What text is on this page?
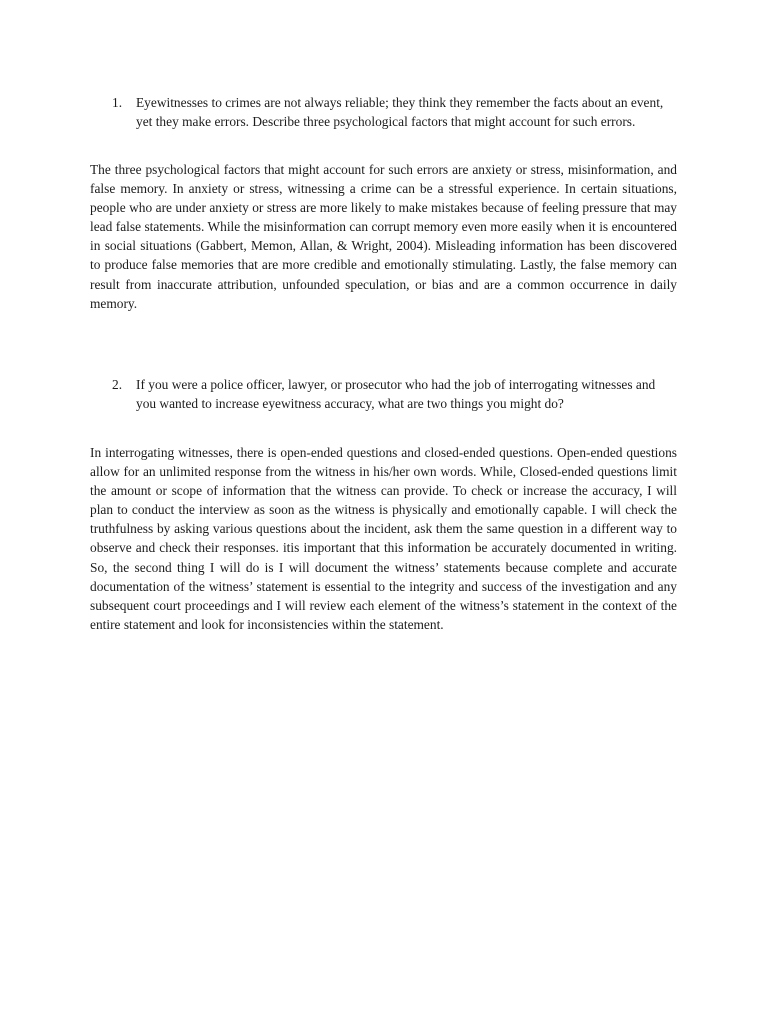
1.	Eyewitnesses to crimes are not always reliable; they think they remember the facts about an event, yet they make errors. Describe three psychological factors that might account for such errors.

The three psychological factors that might account for such errors are anxiety or stress, misinformation, and false memory. In anxiety or stress, witnessing a crime can be a stressful experience. In certain situations, people who are under anxiety or stress are more likely to make mistakes because of feeling pressure that may lead false statements. While the misinformation can corrupt memory even more easily when it is encountered in social situations (Gabbert, Memon, Allan, & Wright, 2004). Misleading information has been discovered to produce false memories that are more credible and emotionally stimulating. Lastly, the false memory can result from inaccurate attribution, unfounded speculation, or bias and are a common occurrence in daily memory.

2.	If you were a police officer, lawyer, or prosecutor who had the job of interrogating witnesses and you wanted to increase eyewitness accuracy, what are two things you might do?

In interrogating witnesses, there is open-ended questions and closed-ended questions. Open-ended questions allow for an unlimited response from the witness in his/her own words. While, Closed-ended questions limit the amount or scope of information that the witness can provide. To check or increase the accuracy, I will plan to conduct the interview as soon as the witness is physically and emotionally capable. I will check the truthfulness by asking various questions about the incident, ask them the same question in a different way to observe and check their responses. itis important that this information be accurately documented in writing. So, the second thing I will do is I will document the witness’ statements because complete and accurate documentation of the witness’ statement is essential to the integrity and success of the investigation and any subsequent court proceedings and I will review each element of the witness’s statement in the context of the entire statement and look for inconsistencies within the statement.
